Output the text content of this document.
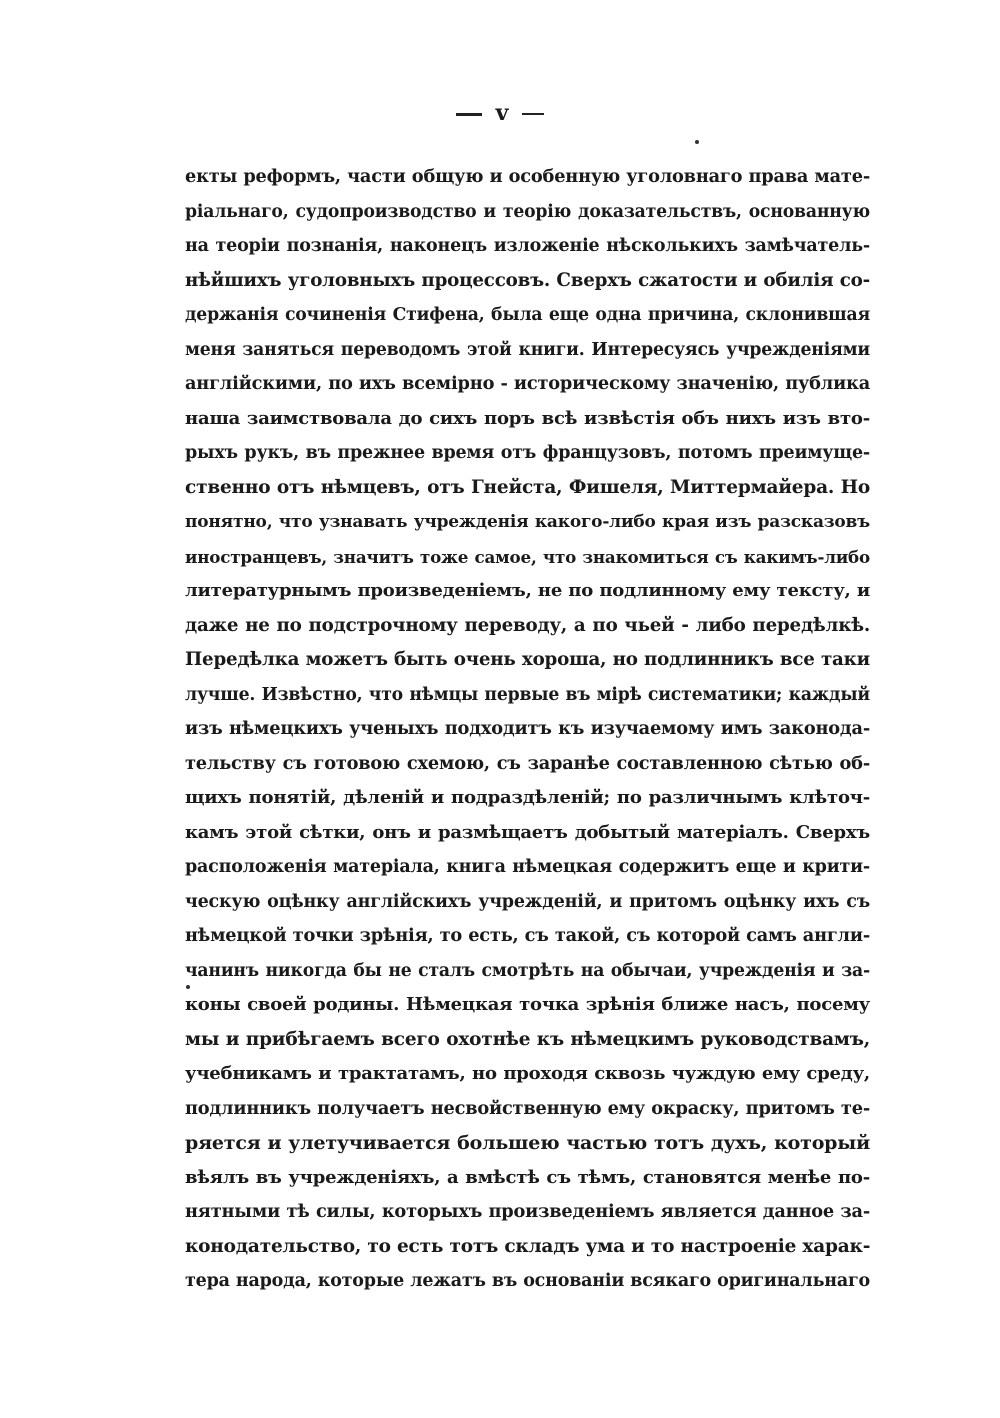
v
екты реформъ, части общую и особенную уголовнаго права мате-
ріальнаго, судопроизводство и теорію доказательствъ, основанную
на теоріи познанія, наконецъ изложеніе нѣсколькихъ замѣчатель-
нѣйшихъ уголовныхъ процессовъ. Сверхъ сжатости и обилія со-
держанія сочиненія Стифена, была еще одна причина, склонившая
меня заняться переводомъ этой книги. Интересуясь учрежденіями
англійскими, по ихъ всемірно - историческому значенію, публика
наша заимствовала до сихъ поръ всѣ извѣстія объ нихъ изъ вто-
рыхъ рукъ, въ прежнее время отъ французовъ, потомъ преимуще-
ственно отъ нѣмцевъ, отъ Гнейста, Фишеля, Миттермайера. Но
понятно, что узнавать учрежденія какого-либо края изъ разсказовъ
иностранцевъ, значитъ тоже самое, что знакомиться съ какимъ-либо
литературнымъ произведеніемъ, не по подлинному ему тексту, и
даже не по подстрочному переводу, а по чьей - либо передѣлкѣ.
Передѣлка можетъ быть очень хороша, но подлинникъ все таки
лучше. Извѣстно, что нѣмцы первые въ мірѣ систематики; каждый
изъ нѣмецкихъ ученыхъ подходитъ къ изучаемому имъ законода-
тельству съ готовою схемою, съ заранѣе составленною сѣтью об-
щихъ понятій, дѣленій и подраздѣленій; по различнымъ клѣточ-
камъ этой сѣтки, онъ и размѣщаетъ добытый матеріалъ. Сверхъ
расположенія матеріала, книга нѣмецкая содержитъ еще и крити-
ческую оцѣнку англійскихъ учрежденій, и притомъ оцѣнку ихъ съ
нѣмецкой точки зрѣнія, то есть, съ такой, съ которой самъ англи-
чанинъ никогда бы не сталъ смотрѣть на обычаи, учрежденія и за-
коны своей родины. Нѣмецкая точка зрѣнія ближе насъ, посему
мы и прибѣгаемъ всего охотнѣе къ нѣмецкимъ руководствамъ,
учебникамъ и трактатамъ, но проходя сквозь чуждую ему среду,
подлинникъ получаетъ несвойственную ему окраску, притомъ те-
ряется и улетучивается большею частью тотъ духъ, который
вѣялъ въ учрежденіяхъ, а вмѣстѣ съ тѣмъ, становятся менѣе по-
нятными тѣ силы, которыхъ произведеніемъ является данное за-
конодательство, то есть тотъ складъ ума и то настроеніе харак-
тера народа, которые лежатъ въ основаніи всякаго оригинальнаго
